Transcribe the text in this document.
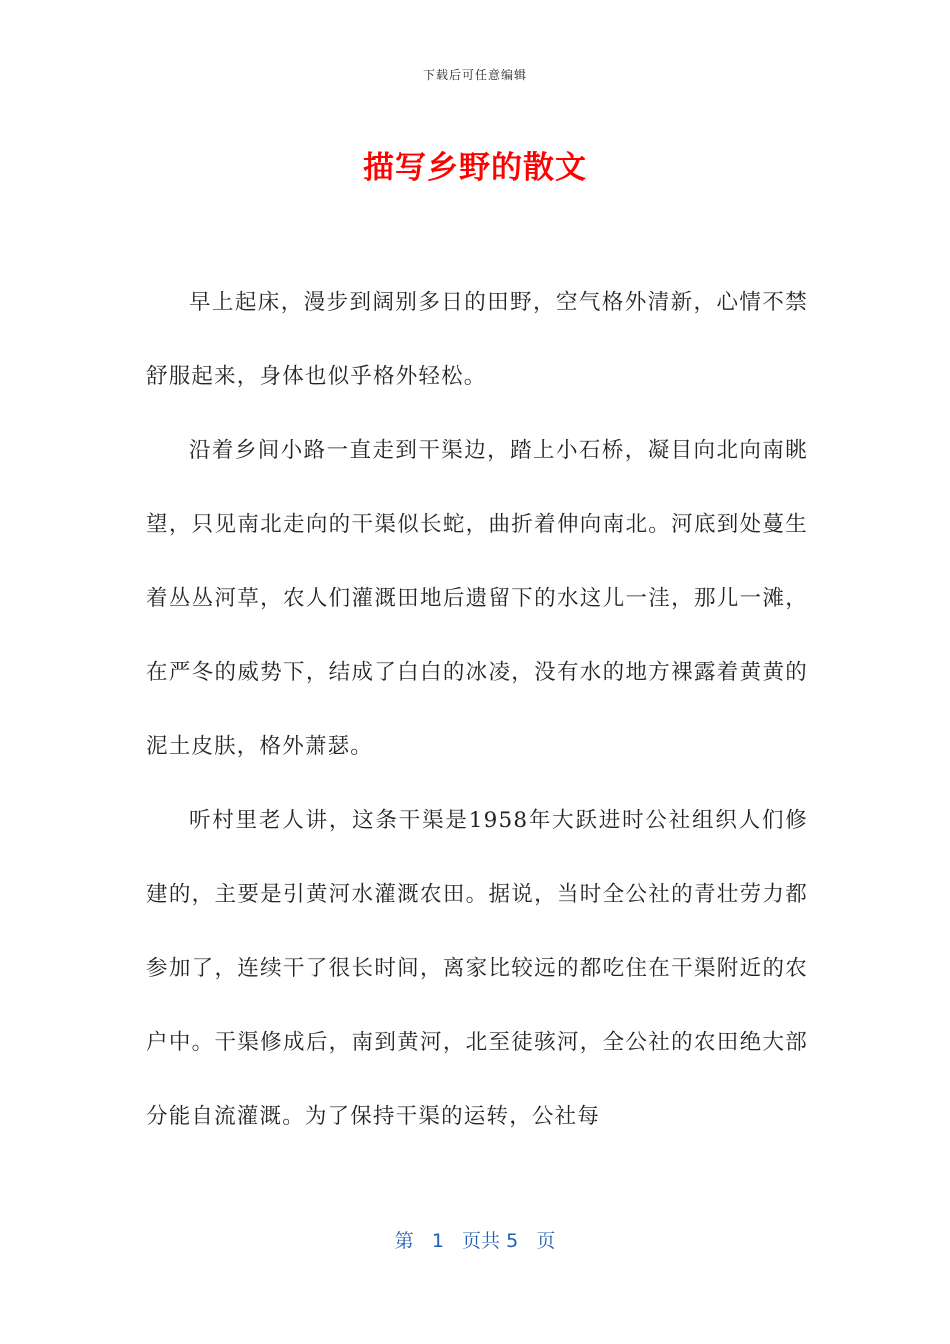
下载后可任意编辑
描写乡野的散文

早上起床，漫步到阔别多日的田野，空气格外清新，心情不禁舒服起来，身体也似乎格外轻松。

沿着乡间小路一直走到干渠边，踏上小石桥，凝目向北向南眺望，只见南北走向的干渠似长蛇，曲折着伸向南北。河底到处蔓生着丛丛河草，农人们灌溉田地后遗留下的水这儿一洼，那儿一滩，在严冬的威势下，结成了白白的冰凌，没有水的地方裸露着黄黄的泥土皮肤，格外萧瑟。

听村里老人讲，这条干渠是1958年大跃进时公社组织人们修建的，主要是引黄河水灌溉农田。据说，当时全公社的青壮劳力都参加了，连续干了很长时间，离家比较远的都吃住在干渠附近的农户中。干渠修成后，南到黄河，北至徒骇河，全公社的农田绝大部分能自流灌溉。为了保持干渠的运转，公社每

第 1 页共 5 页
